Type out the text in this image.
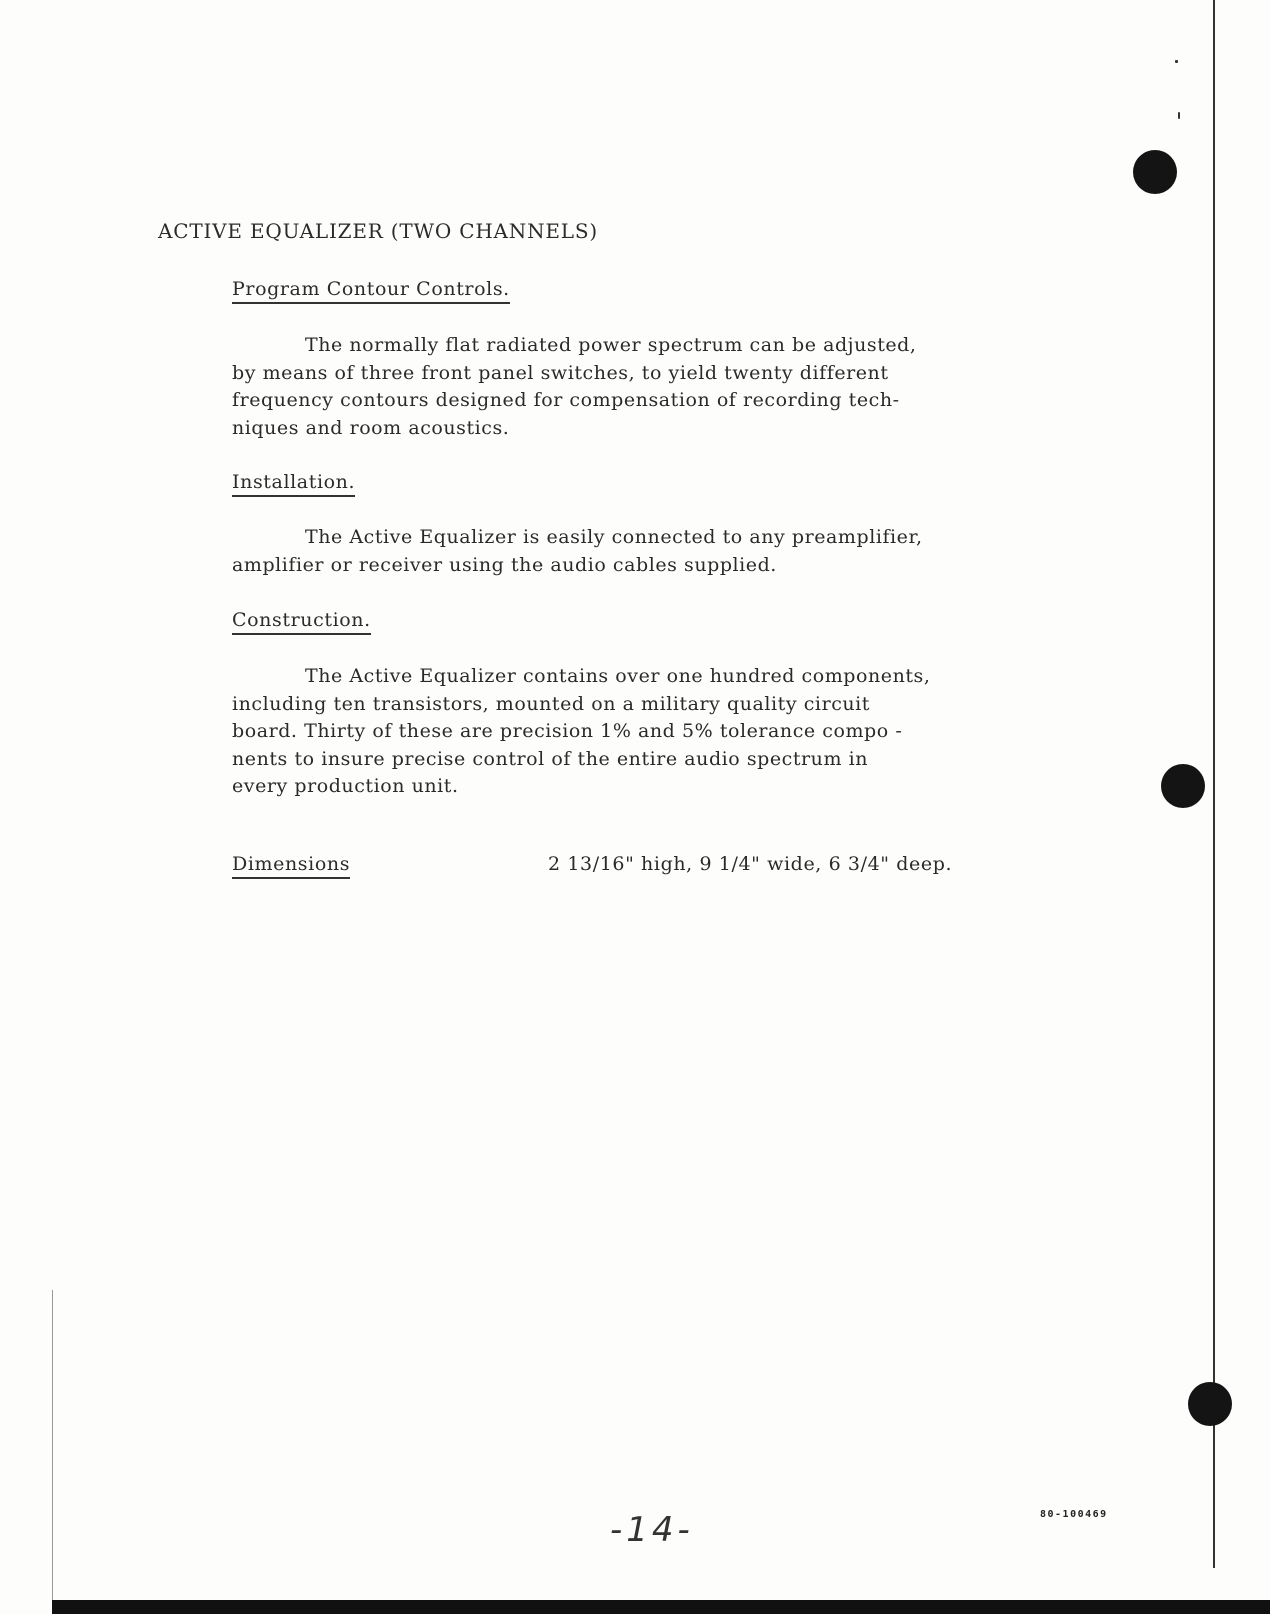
ACTIVE EQUALIZER (TWO CHANNELS)
Program Contour Controls.
The normally flat radiated power spectrum can be adjusted,
by means of three front panel switches, to yield twenty different
frequency contours designed for compensation of recording tech-
niques and room acoustics.
Installation.
The Active Equalizer is easily connected to any preamplifier,
amplifier or receiver using the audio cables supplied.
Construction.
The Active Equalizer contains over one hundred components,
including ten transistors, mounted on a military quality circuit
board. Thirty of these are precision 1% and 5% tolerance compo -
nents to insure precise control of the entire audio spectrum in
every production unit.
Dimensions	2 13/16" high, 9 1/4" wide, 6 3/4" deep.
-14-	80-100469
